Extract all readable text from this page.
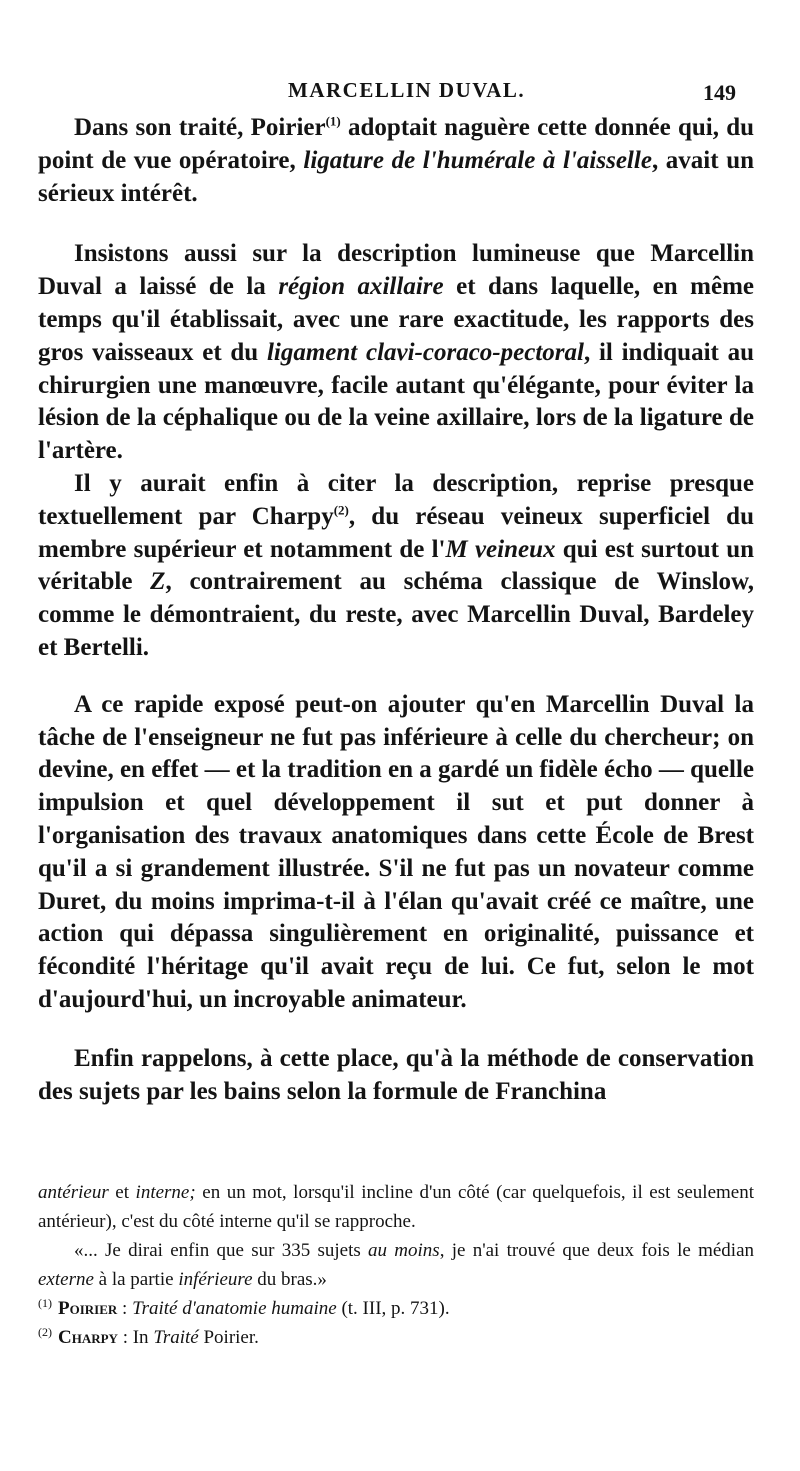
MARCELLIN DUVAL.	149

Dans son traité, Poirier$^{(1)}$ adoptait naguère cette donnée qui, du point de vue opératoire, ligature de l'humérale à l'aisselle, avait un sérieux intérêt.

Insistons aussi sur la description lumineuse que Marcellin Duval a laissé de la région axillaire et dans laquelle, en même temps qu'il établissait, avec une rare exactitude, les rapports des gros vaisseaux et du ligament clavi-coraco-pectoral, il indiquait au chirurgien une manœuvre, facile autant qu'élégante, pour éviter la lésion de la céphalique ou de la veine axillaire, lors de la ligature de l'artère.

Il y aurait enfin à citer la description, reprise presque textuellement par Charpy$^{(2)}$, du réseau veineux superficiel du membre supérieur et notamment de l'M veineux qui est surtout un véritable Z, contrairement au schéma classique de Winslow, comme le démontraient, du reste, avec Marcellin Duval, Bardeley et Bertelli.

A ce rapide exposé peut-on ajouter qu'en Marcellin Duval la tâche de l'enseigneur ne fut pas inférieure à celle du chercheur; on devine, en effet — et la tradition en a gardé un fidèle écho — quelle impulsion et quel développement il sut et put donner à l'organisation des travaux anatomiques dans cette École de Brest qu'il a si grandement illustrée. S'il ne fut pas un novateur comme Duret, du moins imprima-t-il à l'élan qu'avait créé ce maître, une action qui dépassa singulièrement en originalité, puissance et fécondité l'héritage qu'il avait reçu de lui. Ce fut, selon le mot d'aujourd'hui, un incroyable animateur.

Enfin rappelons, à cette place, qu'à la méthode de conservation des sujets par les bains selon la formule de Franchina

antérieur et interne; en un mot, lorsqu'il incline d'un côté (car quelquefois, il est seulement antérieur), c'est du côté interne qu'il se rapproche.

«... Je dirai enfin que sur 335 sujets au moins, je n'ai trouvé que deux fois le médian externe à la partie inférieure du bras.»

$^{(1)}$ Poirier : Traité d'anatomie humaine (t. III, p. 731).

$^{(2)}$ Charpy : In Traité Poirier.
